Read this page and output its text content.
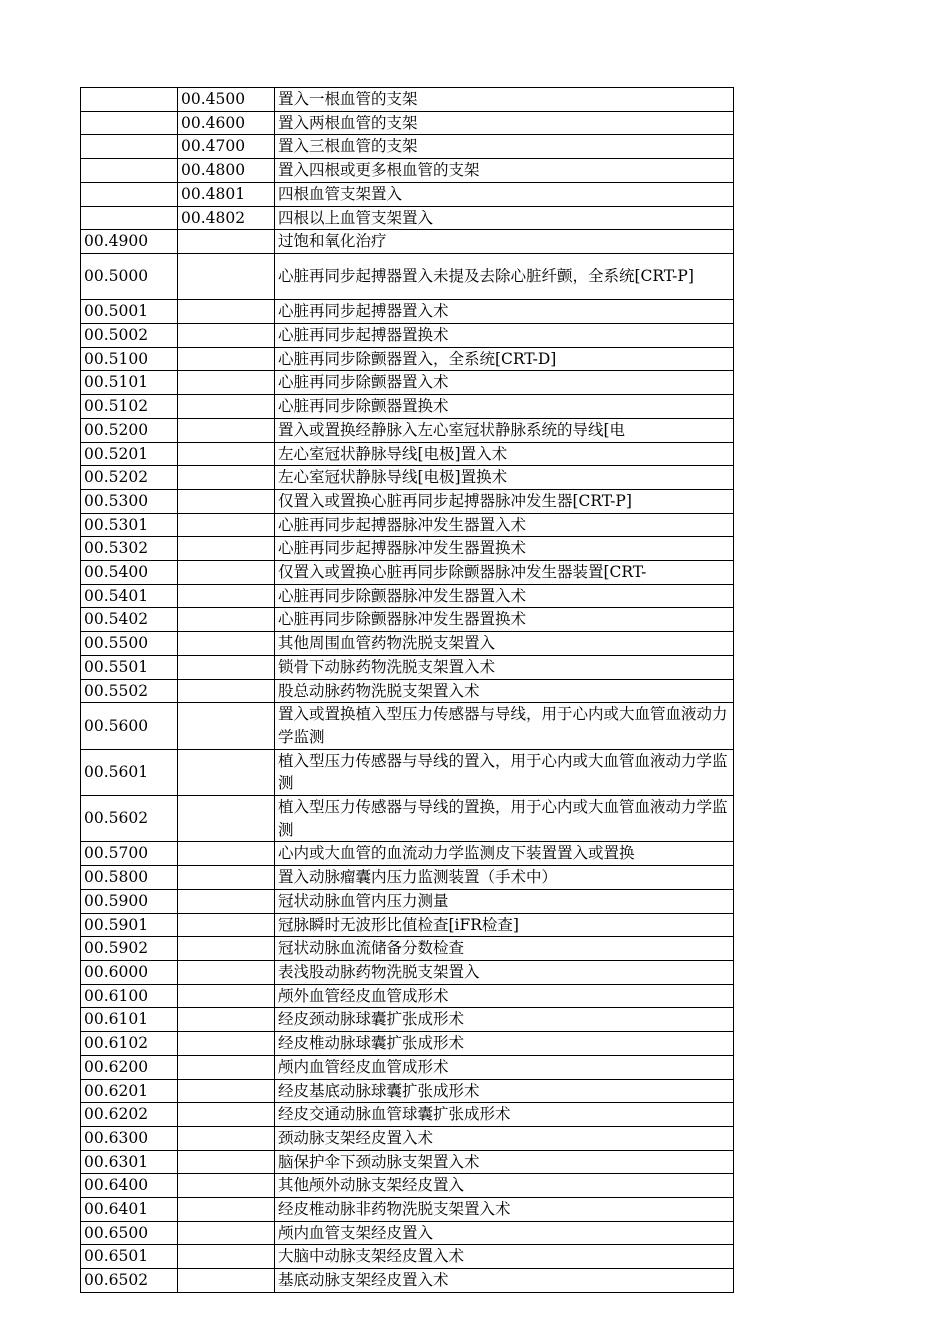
	00.4500	置入一根血管的支架
	00.4600	置入两根血管的支架
	00.4700	置入三根血管的支架
	00.4800	置入四根或更多根血管的支架
	00.4801	四根血管支架置入
	00.4802	四根以上血管支架置入
00.4900		过饱和氧化治疗
00.5000		心脏再同步起搏器置入未提及去除心脏纤颤，全系统[CRT-P]
00.5001		心脏再同步起搏器置入术
00.5002		心脏再同步起搏器置换术
00.5100		心脏再同步除颤器置入，全系统[CRT-D]
00.5101		心脏再同步除颤器置入术
00.5102		心脏再同步除颤器置换术
00.5200		置入或置换经静脉入左心室冠状静脉系统的导线[电
00.5201		左心室冠状静脉导线[电极]置入术
00.5202		左心室冠状静脉导线[电极]置换术
00.5300		仅置入或置换心脏再同步起搏器脉冲发生器[CRT-P]
00.5301		心脏再同步起搏器脉冲发生器置入术
00.5302		心脏再同步起搏器脉冲发生器置换术
00.5400		仅置入或置换心脏再同步除颤器脉冲发生器装置[CRT-
00.5401		心脏再同步除颤器脉冲发生器置入术
00.5402		心脏再同步除颤器脉冲发生器置换术
00.5500		其他周围血管药物洗脱支架置入
00.5501		锁骨下动脉药物洗脱支架置入术
00.5502		股总动脉药物洗脱支架置入术
00.5600		置入或置换植入型压力传感器与导线，用于心内或大血管血液动力学监测
00.5601		植入型压力传感器与导线的置入，用于心内或大血管血液动力学监测
00.5602		植入型压力传感器与导线的置换，用于心内或大血管血液动力学监测
00.5700		心内或大血管的血流动力学监测皮下装置置入或置换
00.5800		置入动脉瘤囊内压力监测装置（手术中）
00.5900		冠状动脉血管内压力测量
00.5901		冠脉瞬时无波形比值检查[iFR检查]
00.5902		冠状动脉血流储备分数检查
00.6000		表浅股动脉药物洗脱支架置入
00.6100		颅外血管经皮血管成形术
00.6101		经皮颈动脉球囊扩张成形术
00.6102		经皮椎动脉球囊扩张成形术
00.6200		颅内血管经皮血管成形术
00.6201		经皮基底动脉球囊扩张成形术
00.6202		经皮交通动脉血管球囊扩张成形术
00.6300		颈动脉支架经皮置入术
00.6301		脑保护伞下颈动脉支架置入术
00.6400		其他颅外动脉支架经皮置入
00.6401		经皮椎动脉非药物洗脱支架置入术
00.6500		颅内血管支架经皮置入
00.6501		大脑中动脉支架经皮置入术
00.6502		基底动脉支架经皮置入术
